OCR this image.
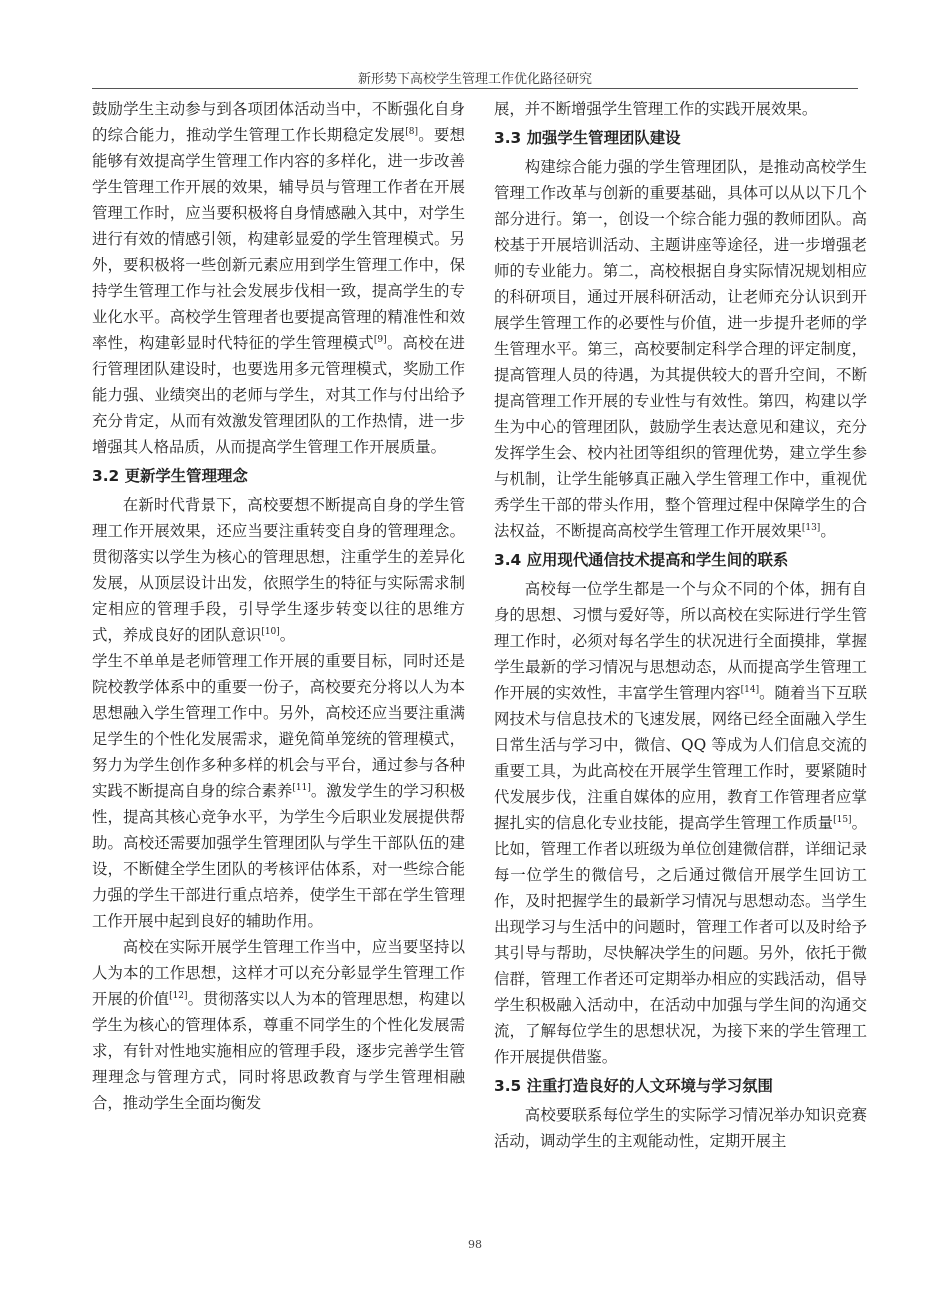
新形势下高校学生管理工作优化路径研究

鼓励学生主动参与到各项团体活动当中，不断强化自身的综合能力，推动学生管理工作长期稳定发展[8]。要想能够有效提高学生管理工作内容的多样化，进一步改善学生管理工作开展的效果，辅导员与管理工作者在开展管理工作时，应当要积极将自身情感融入其中，对学生进行有效的情感引领，构建彰显爱的学生管理模式。另外，要积极将一些创新元素应用到学生管理工作中，保持学生管理工作与社会发展步伐相一致，提高学生的专业化水平。高校学生管理者也要提高管理的精准性和效率性，构建彰显时代特征的学生管理模式[9]。高校在进行管理团队建设时，也要选用多元管理模式，奖励工作能力强、业绩突出的老师与学生，对其工作与付出给予充分肯定，从而有效激发管理团队的工作热情，进一步增强其人格品质，从而提高学生管理工作开展质量。

3.2 更新学生管理理念

在新时代背景下，高校要想不断提高自身的学生管理工作开展效果，还应当要注重转变自身的管理理念。贯彻落实以学生为核心的管理思想，注重学生的差异化发展，从顶层设计出发，依照学生的特征与实际需求制定相应的管理手段，引导学生逐步转变以往的思维方式，养成良好的团队意识[10]。

学生不单单是老师管理工作开展的重要目标，同时还是院校教学体系中的重要一份子，高校要充分将以人为本思想融入学生管理工作中。另外，高校还应当要注重满足学生的个性化发展需求，避免简单笼统的管理模式，努力为学生创作多种多样的机会与平台，通过参与各种实践不断提高自身的综合素养[11]。激发学生的学习积极性，提高其核心竞争水平，为学生今后职业发展提供帮助。高校还需要加强学生管理团队与学生干部队伍的建设，不断健全学生团队的考核评估体系，对一些综合能力强的学生干部进行重点培养，使学生干部在学生管理工作开展中起到良好的辅助作用。

高校在实际开展学生管理工作当中，应当要坚持以人为本的工作思想，这样才可以充分彰显学生管理工作开展的价值[12]。贯彻落实以人为本的管理思想，构建以学生为核心的管理体系，尊重不同学生的个性化发展需求，有针对性地实施相应的管理手段，逐步完善学生管理理念与管理方式，同时将思政教育与学生管理相融合，推动学生全面均衡发

展，并不断增强学生管理工作的实践开展效果。

3.3 加强学生管理团队建设

构建综合能力强的学生管理团队，是推动高校学生管理工作改革与创新的重要基础，具体可以从以下几个部分进行。第一，创设一个综合能力强的教师团队。高校基于开展培训活动、主题讲座等途径，进一步增强老师的专业能力。第二，高校根据自身实际情况规划相应的科研项目，通过开展科研活动，让老师充分认识到开展学生管理工作的必要性与价值，进一步提升老师的学生管理水平。第三，高校要制定科学合理的评定制度，提高管理人员的待遇，为其提供较大的晋升空间，不断提高管理工作开展的专业性与有效性。第四，构建以学生为中心的管理团队，鼓励学生表达意见和建议，充分发挥学生会、校内社团等组织的管理优势，建立学生参与机制，让学生能够真正融入学生管理工作中，重视优秀学生干部的带头作用，整个管理过程中保障学生的合法权益，不断提高高校学生管理工作开展效果[13]。

3.4 应用现代通信技术提高和学生间的联系

高校每一位学生都是一个与众不同的个体，拥有自身的思想、习惯与爱好等，所以高校在实际进行学生管理工作时，必须对每名学生的状况进行全面摸排，掌握学生最新的学习情况与思想动态，从而提高学生管理工作开展的实效性，丰富学生管理内容[14]。随着当下互联网技术与信息技术的飞速发展，网络已经全面融入学生日常生活与学习中，微信、QQ 等成为人们信息交流的重要工具，为此高校在开展学生管理工作时，要紧随时代发展步伐，注重自媒体的应用，教育工作管理者应掌握扎实的信息化专业技能，提高学生管理工作质量[15]。比如，管理工作者以班级为单位创建微信群，详细记录每一位学生的微信号，之后通过微信开展学生回访工作，及时把握学生的最新学习情况与思想动态。当学生出现学习与生活中的问题时，管理工作者可以及时给予其引导与帮助，尽快解决学生的问题。另外，依托于微信群，管理工作者还可定期举办相应的实践活动，倡导学生积极融入活动中，在活动中加强与学生间的沟通交流，了解每位学生的思想状况，为接下来的学生管理工作开展提供借鉴。

3.5 注重打造良好的人文环境与学习氛围

高校要联系每位学生的实际学习情况举办知识竞赛活动，调动学生的主观能动性，定期开展主

98
